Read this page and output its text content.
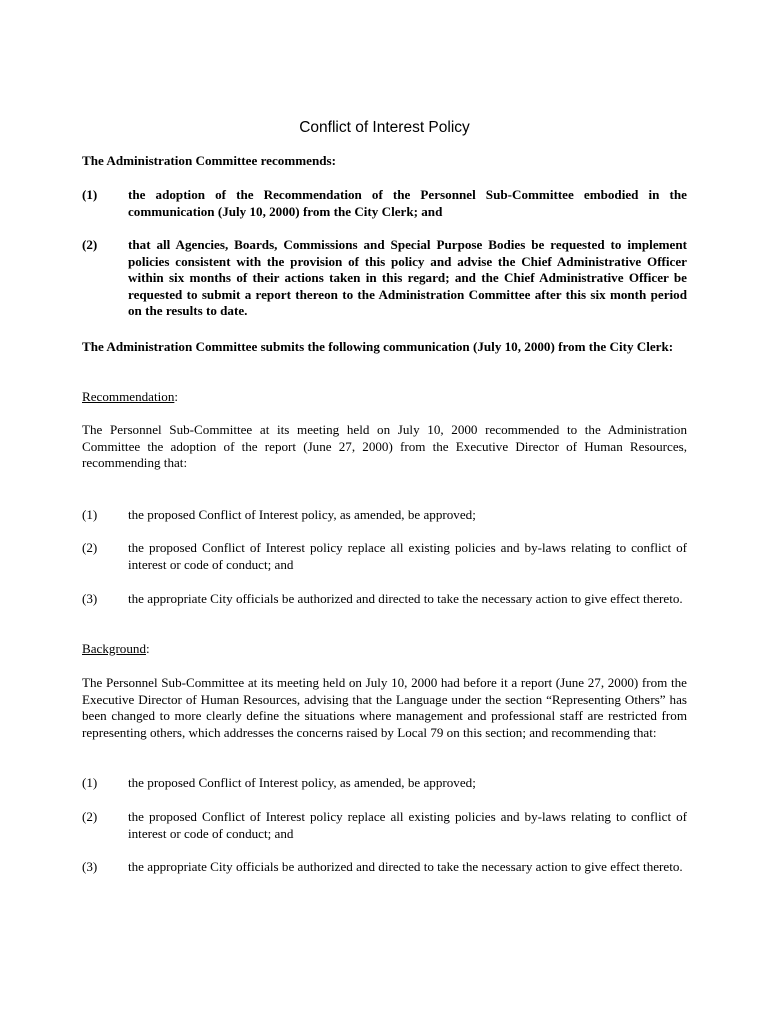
Conflict of Interest Policy

The Administration Committee recommends:

(1)	the adoption of the Recommendation of the Personnel Sub-Committee embodied in the communication (July 10, 2000) from the City Clerk; and
(2)	that all Agencies, Boards, Commissions and Special Purpose Bodies be requested to implement policies consistent with the provision of this policy and advise the Chief Administrative Officer within six months of their actions taken in this regard; and the Chief Administrative Officer be requested to submit a report thereon to the Administration Committee after this six month period on the results to date.

The Administration Committee submits the following communication (July 10, 2000) from the City Clerk:

Recommendation:

The Personnel Sub-Committee at its meeting held on July 10, 2000 recommended to the Administration Committee the adoption of the report (June 27, 2000) from the Executive Director of Human Resources, recommending that:

(1)	the proposed Conflict of Interest policy, as amended, be approved;
(2)	the proposed Conflict of Interest policy replace all existing policies and by-laws relating to conflict of interest or code of conduct; and
(3)	the appropriate City officials be authorized and directed to take the necessary action to give effect thereto.

Background:

The Personnel Sub-Committee at its meeting held on July 10, 2000 had before it a report (June 27, 2000) from the Executive Director of Human Resources, advising that the Language under the section “Representing Others” has been changed to more clearly define the situations where management and professional staff are restricted from representing others, which addresses the concerns raised by Local 79 on this section; and recommending that:

(1)	the proposed Conflict of Interest policy, as amended, be approved;
(2)	the proposed Conflict of Interest policy replace all existing policies and by-laws relating to conflict of interest or code of conduct; and
(3)	the appropriate City officials be authorized and directed to take the necessary action to give effect thereto.
